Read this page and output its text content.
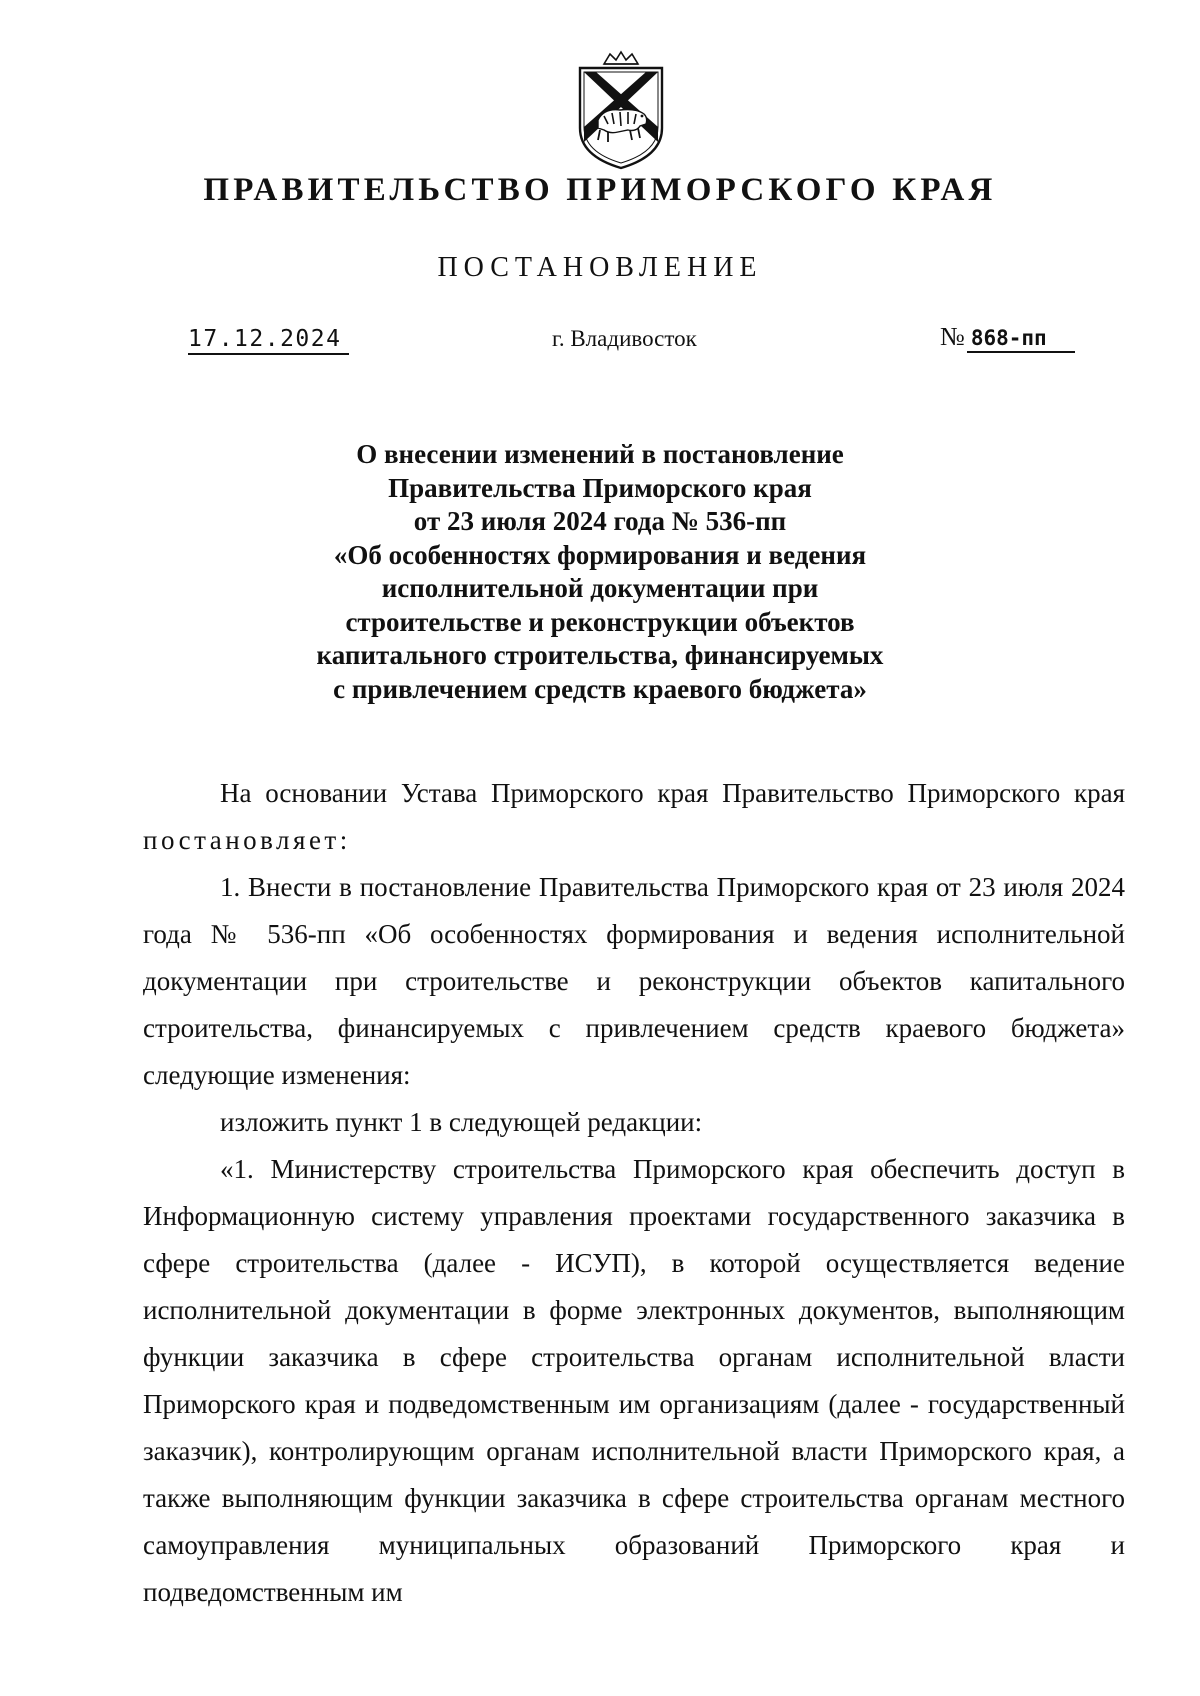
ПРАВИТЕЛЬСТВО ПРИМОРСКОГО КРАЯ
ПОСТАНОВЛЕНИЕ
17.12.2024	г. Владивосток	№ 868-пп
О внесении изменений в постановление
Правительства Приморского края
от 23 июля 2024 года № 536-пп
«Об особенностях формирования и ведения
исполнительной документации при
строительстве и реконструкции объектов
капитального строительства, финансируемых
с привлечением средств краевого бюджета»

На основании Устава Приморского края Правительство Приморского края постановляет:

1. Внести в постановление Правительства Приморского края от 23 июля 2024 года № 536-пп «Об особенностях формирования и ведения исполнительной документации при строительстве и реконструкции объектов капитального строительства, финансируемых с привлечением средств краевого бюджета» следующие изменения:

изложить пункт 1 в следующей редакции:

«1. Министерству строительства Приморского края обеспечить доступ в Информационную систему управления проектами государственного заказчика в сфере строительства (далее - ИСУП), в которой осуществляется ведение исполнительной документации в форме электронных документов, выполняющим функции заказчика в сфере строительства органам исполнительной власти Приморского края и подведомственным им организациям (далее - государственный заказчик), контролирующим органам исполнительной власти Приморского края, а также выполняющим функции заказчика в сфере строительства органам местного самоуправления муниципальных образований Приморского края и подведомственным им
